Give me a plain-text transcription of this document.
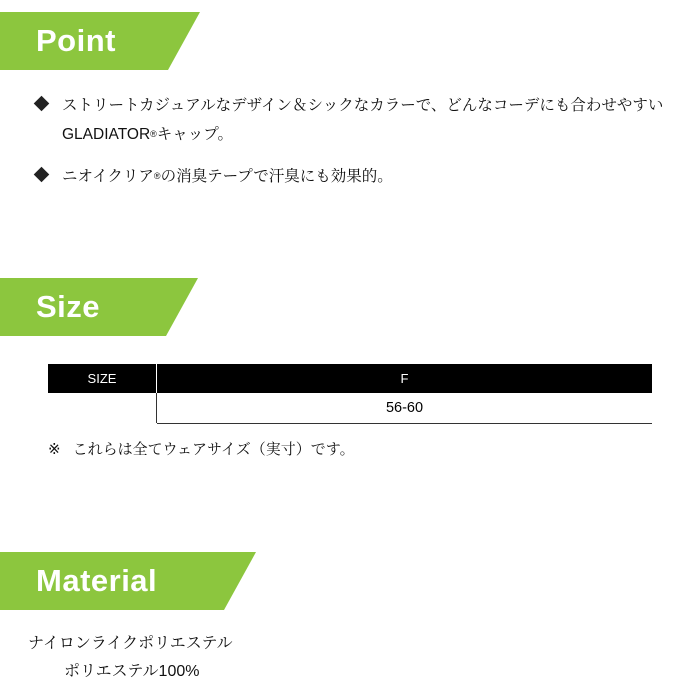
Point
ストリートカジュアルなデザイン＆シックなカラーで、どんなコーデにも合わせやすいGLADIATOR®キャップ。
ニオイクリア®の消臭テープで汗臭にも効果的。
Size
SIZE	F
	56-60

※ これらは全てウェアサイズ（実寸）です。

Material
ナイロンライクポリエステル
ポリエステル100%
